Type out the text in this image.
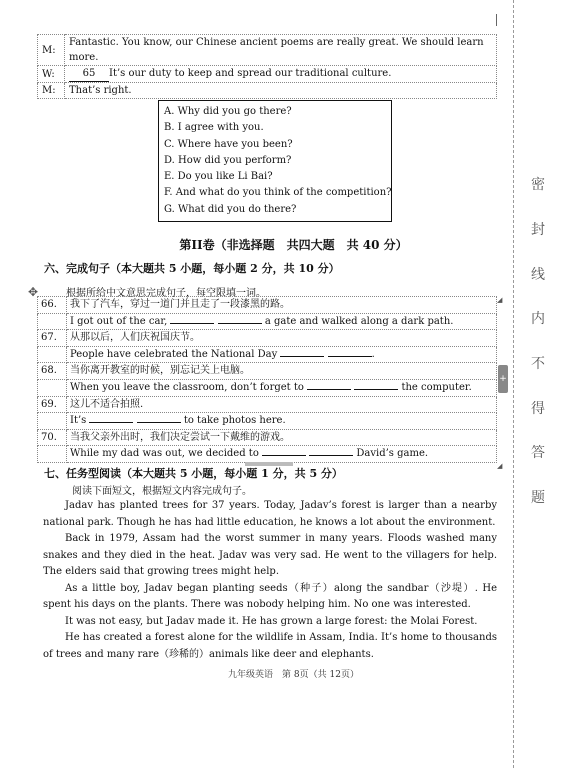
M:	Fantastic. You know, our Chinese ancient poems are really great. We should learn more.
W:	65 It’s our duty to keep and spread our traditional culture.
M:	That’s right.
A. Why did you go there?
B. I agree with you.
C. Where have you been?
D. How did you perform?
E. Do you like Li Bai?
F. And what do you think of the competition?
G. What did you do there?
第II卷（非选择题　共四大题　共 40 分）
六、完成句子（本大题共 5 小题，每小题 2 分，共 10 分）
✥	根据所给中文意思完成句子，每空限填一词。
66.	我下了汽车，穿过一道门并且走了一段漆黑的路。
	I got out of the car, a gate and walked along a dark path.
67.	从那以后，人们庆祝国庆节。
	People have celebrated the National Day .
68.	当你离开教室的时候，别忘记关上电脑。
	When you leave the classroom, don’t forget to the computer.
69.	这儿不适合拍照.
	It’s to take photos here.
70.	当我父亲外出时，我们决定尝试一下戴维的游戏。
	While my dad was out, we decided to David’s game.
◢
◢
七、任务型阅读（本大题共 5 小题，每小题 1 分，共 5 分）
阅读下面短文，根据短文内容完成句子。

Jadav has planted trees for 37 years. Today, Jadav’s forest is larger than a nearby national park. Though he has had little education, he knows a lot about the environment.

Back in 1979, Assam had the worst summer in many years. Floods washed many snakes and they died in the heat. Jadav was very sad. He went to the villagers for help. The elders said that growing trees might help.

As a little boy, Jadav began planting seeds（种子）along the sandbar（沙堤）. He spent his days on the plants. There was nobody helping him. No one was interested.

It was not easy, but Jadav made it. He has grown a large forest: the Molai Forest.

He has created a forest alone for the wildlife in Assam, India. It’s home to thousands of trees and many rare（珍稀的）animals like deer and elephants.

九年级英语　第 8页（共 12页）
+
密
封
线
内
不
得
答
题
